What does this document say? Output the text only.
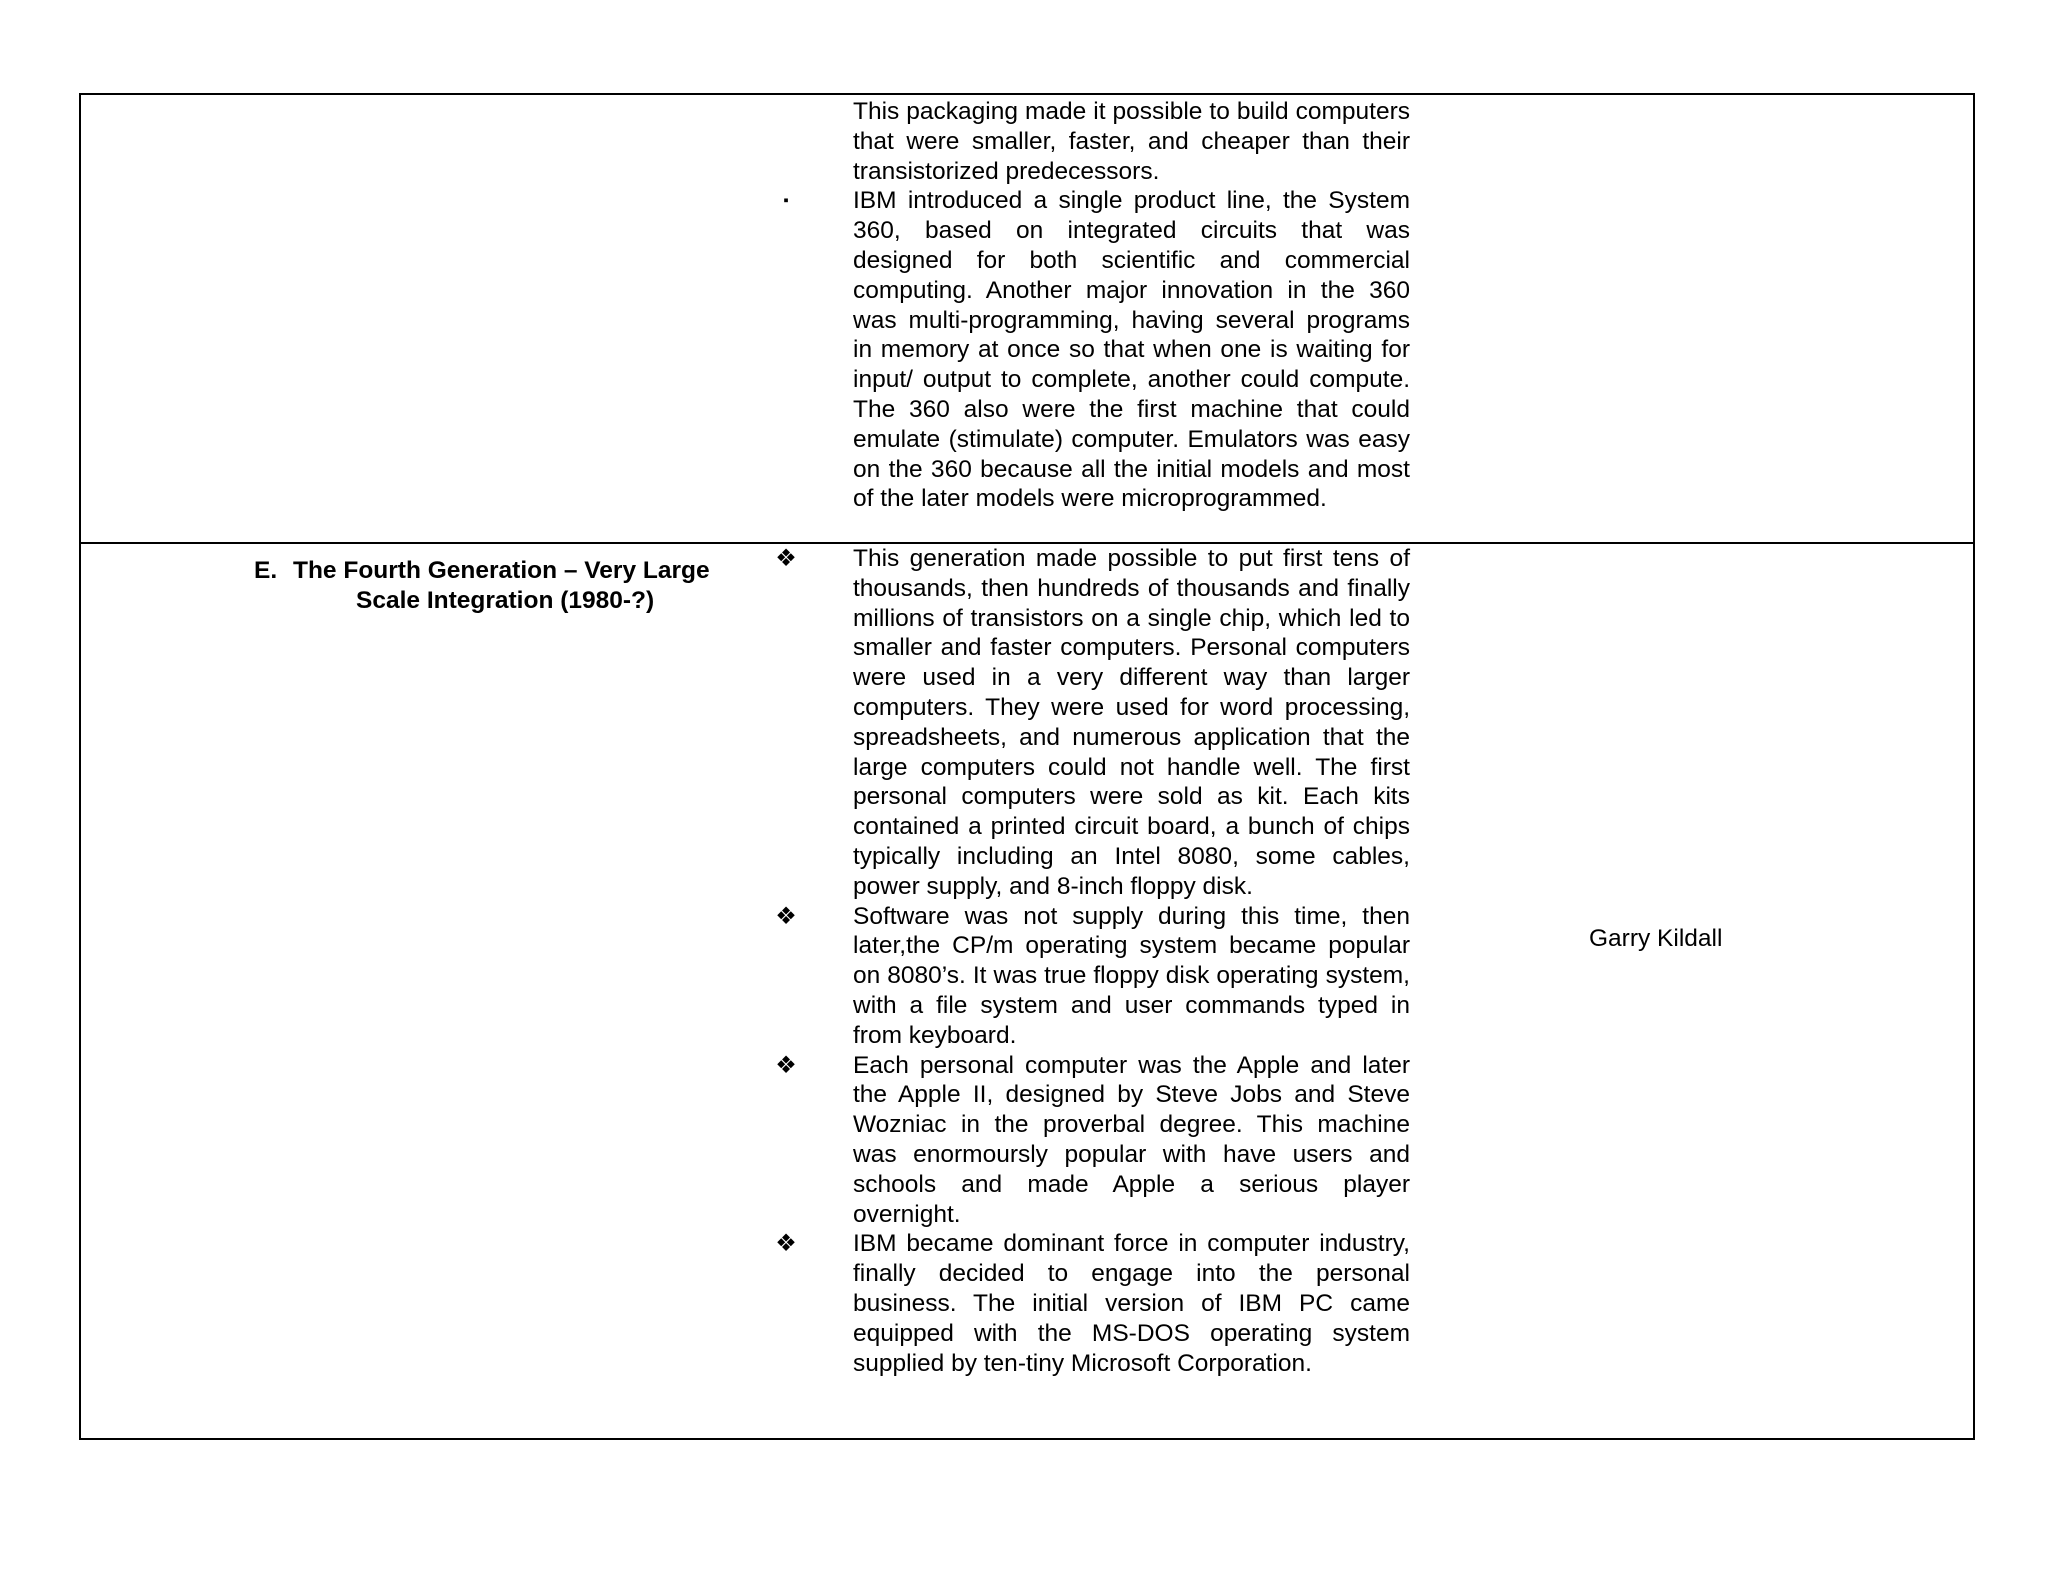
This packaging made it possible to build computers that were smaller, faster, and cheaper than their transistorized predecessors.
▪	IBM introduced a single product line, the System 360, based on integrated circuits that was designed for both scientific and commercial computing. Another major innovation in the 360 was multi-programming, having several programs in memory at once so that when one is waiting for input/ output to complete, another could compute. The 360 also were the first machine that could emulate (stimulate) computer. Emulators was easy on the 360 because all the initial models and most of the later models were microprogrammed.
E. The Fourth Generation – Very Large
Scale Integration (1980-?)
❖ This generation made possible to put first tens of thousands, then hundreds of thousands and finally millions of transistors on a single chip, which led to smaller and faster computers. Personal computers were used in a very different way than larger computers. They were used for word processing, spreadsheets, and numerous application that the large computers could not handle well. The first personal computers were sold as kit. Each kits contained a printed circuit board, a bunch of chips typically including an Intel 8080, some cables, power supply, and 8-inch floppy disk.
❖ Software was not supply during this time, then later,the CP/m operating system became popular on 8080’s. It was true floppy disk operating system, with a file system and user commands typed in from keyboard.
❖ Each personal computer was the Apple and later the Apple II, designed by Steve Jobs and Steve Wozniac in the proverbal degree. This machine was enormoursly popular with have users and schools and made Apple a serious player overnight.
❖ IBM became dominant force in computer industry, finally decided to engage into the personal business. The initial version of IBM PC came equipped with the MS-DOS operating system supplied by ten-tiny Microsoft Corporation.
Garry Kildall
